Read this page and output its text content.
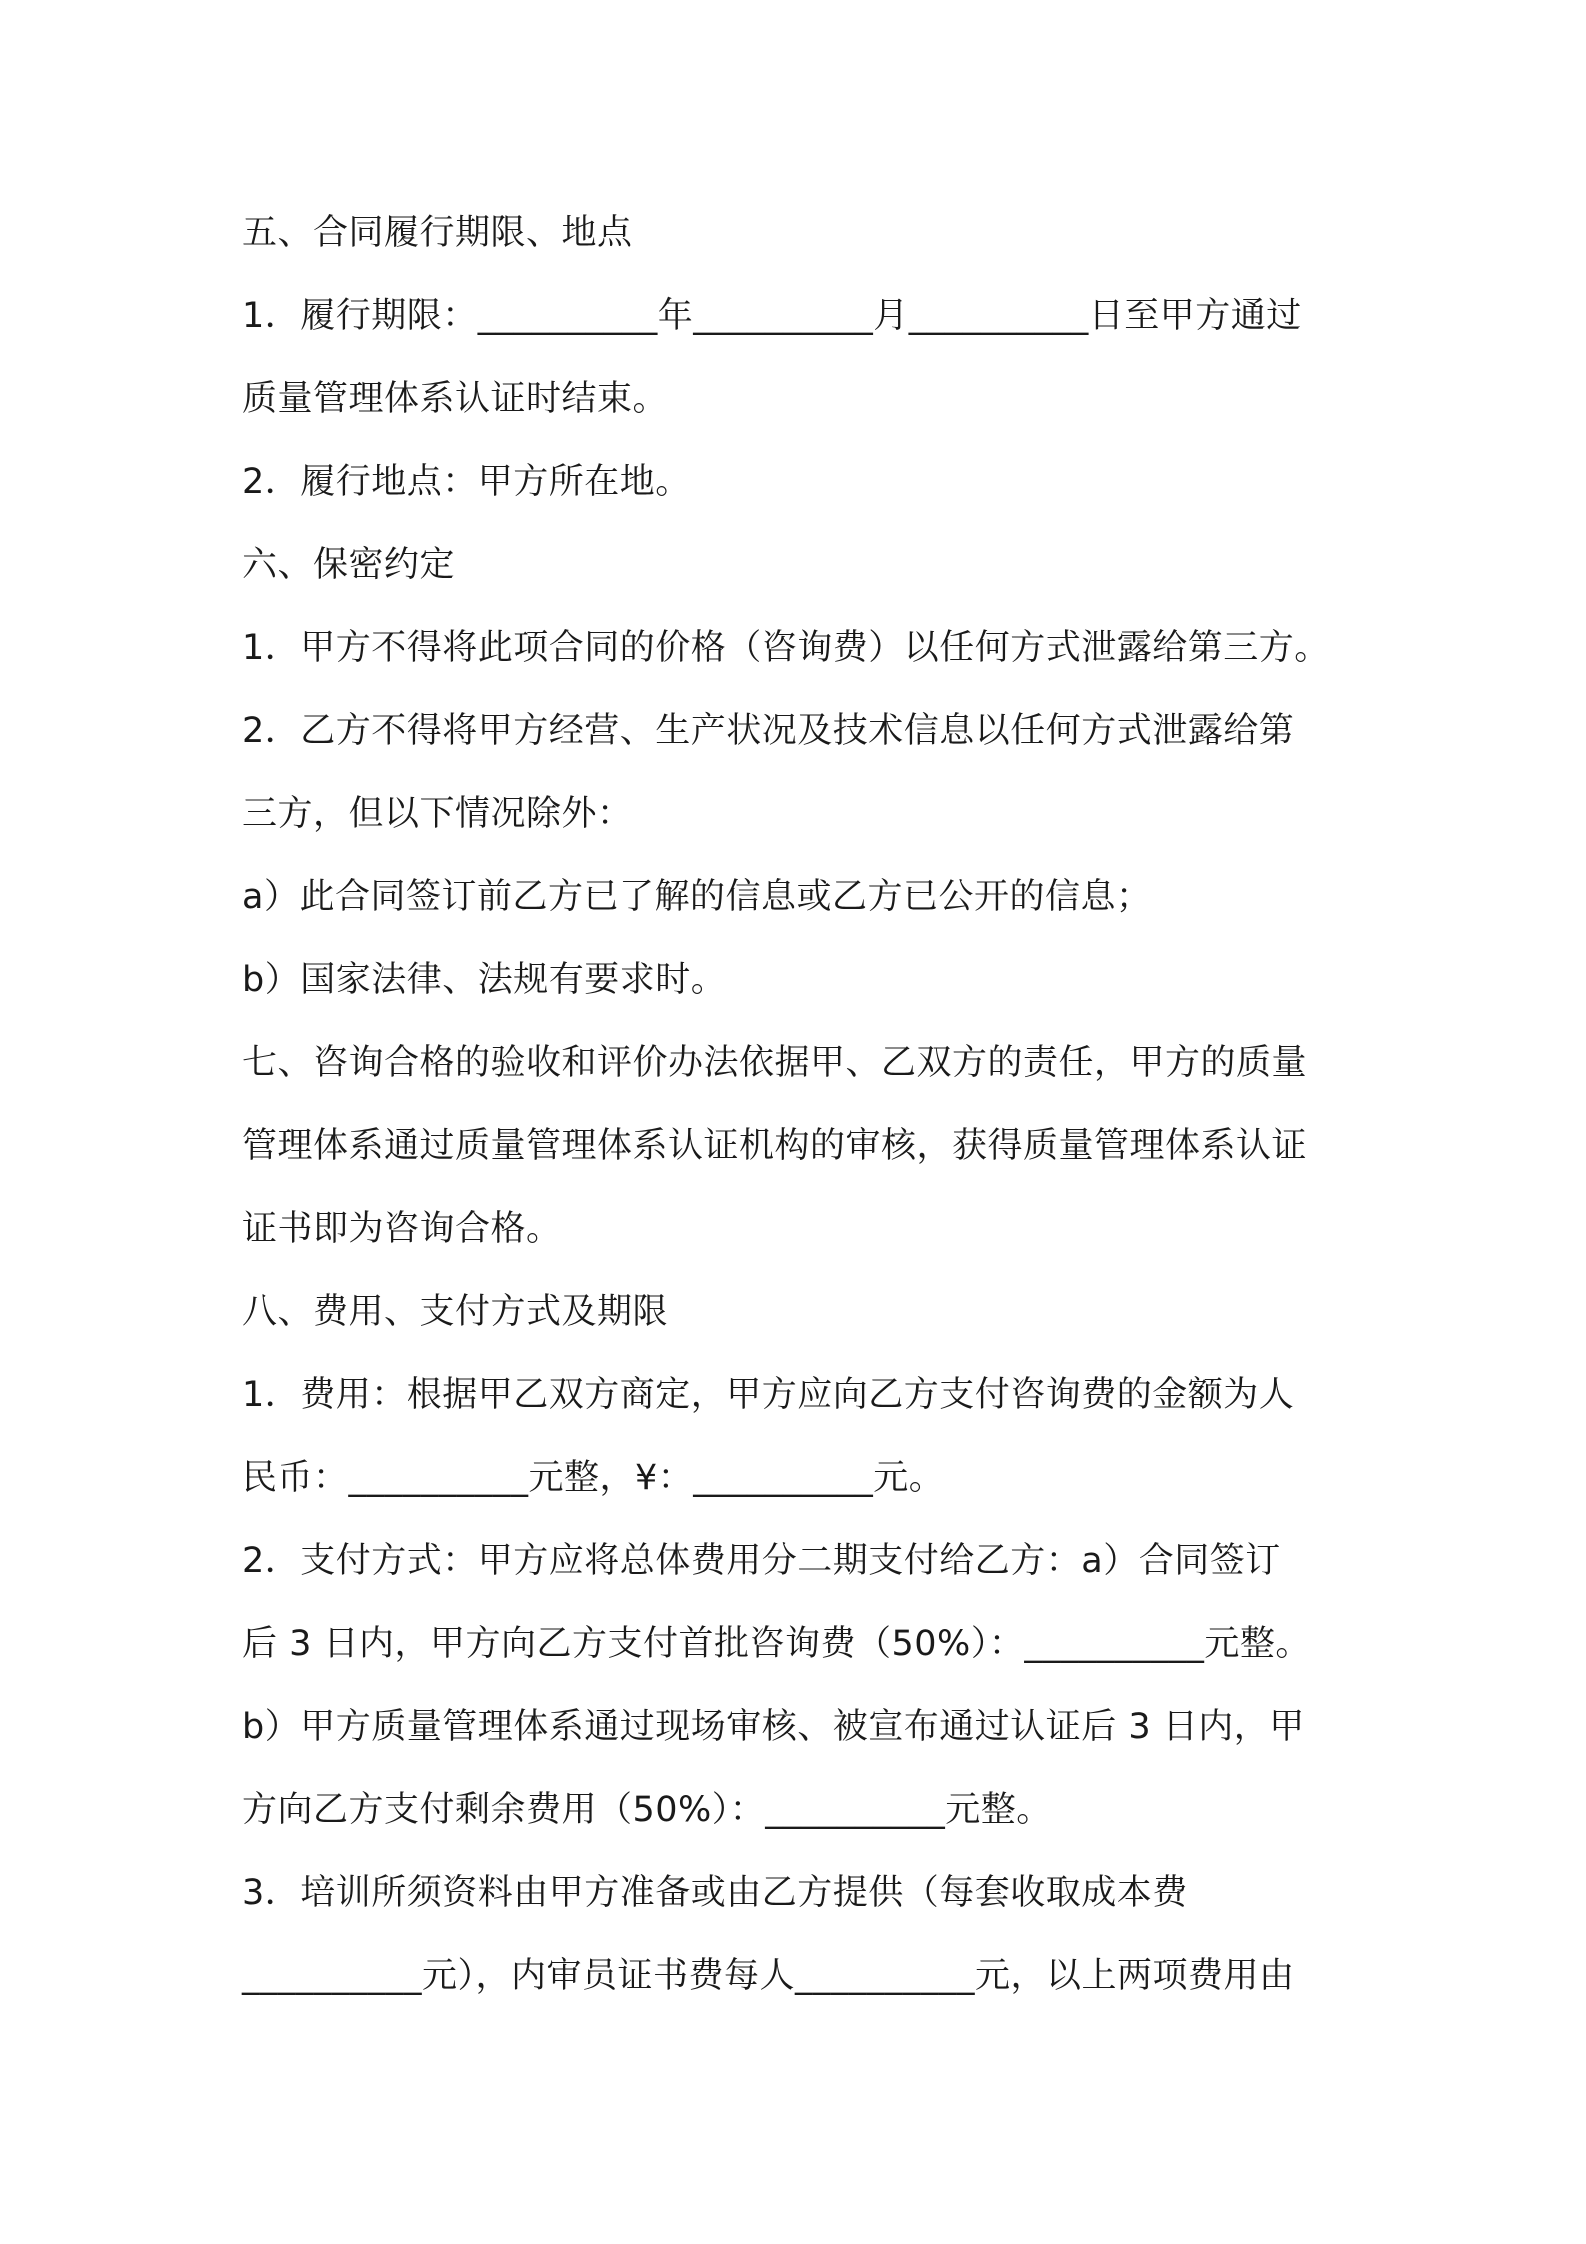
五、合同履行期限、地点
1．履行期限：__________年__________月__________日至甲方通过
质量管理体系认证时结束。
2．履行地点：甲方所在地。
六、保密约定
1．甲方不得将此项合同的价格（咨询费）以任何方式泄露给第三方。
2．乙方不得将甲方经营、生产状况及技术信息以任何方式泄露给第
三方，但以下情况除外：
a）此合同签订前乙方已了解的信息或乙方已公开的信息；
b）国家法律、法规有要求时。
七、咨询合格的验收和评价办法依据甲、乙双方的责任，甲方的质量
管理体系通过质量管理体系认证机构的审核，获得质量管理体系认证
证书即为咨询合格。
八、费用、支付方式及期限
1．费用：根据甲乙双方商定，甲方应向乙方支付咨询费的金额为人
民币：__________元整，¥：__________元。
2．支付方式：甲方应将总体费用分二期支付给乙方：a）合同签订
后 3 日内，甲方向乙方支付首批咨询费（50%）：__________元整。
b）甲方质量管理体系通过现场审核、被宣布通过认证后 3 日内，甲
方向乙方支付剩余费用（50%）：__________元整。
3．培训所须资料由甲方准备或由乙方提供（每套收取成本费
__________元），内审员证书费每人__________元，以上两项费用由
